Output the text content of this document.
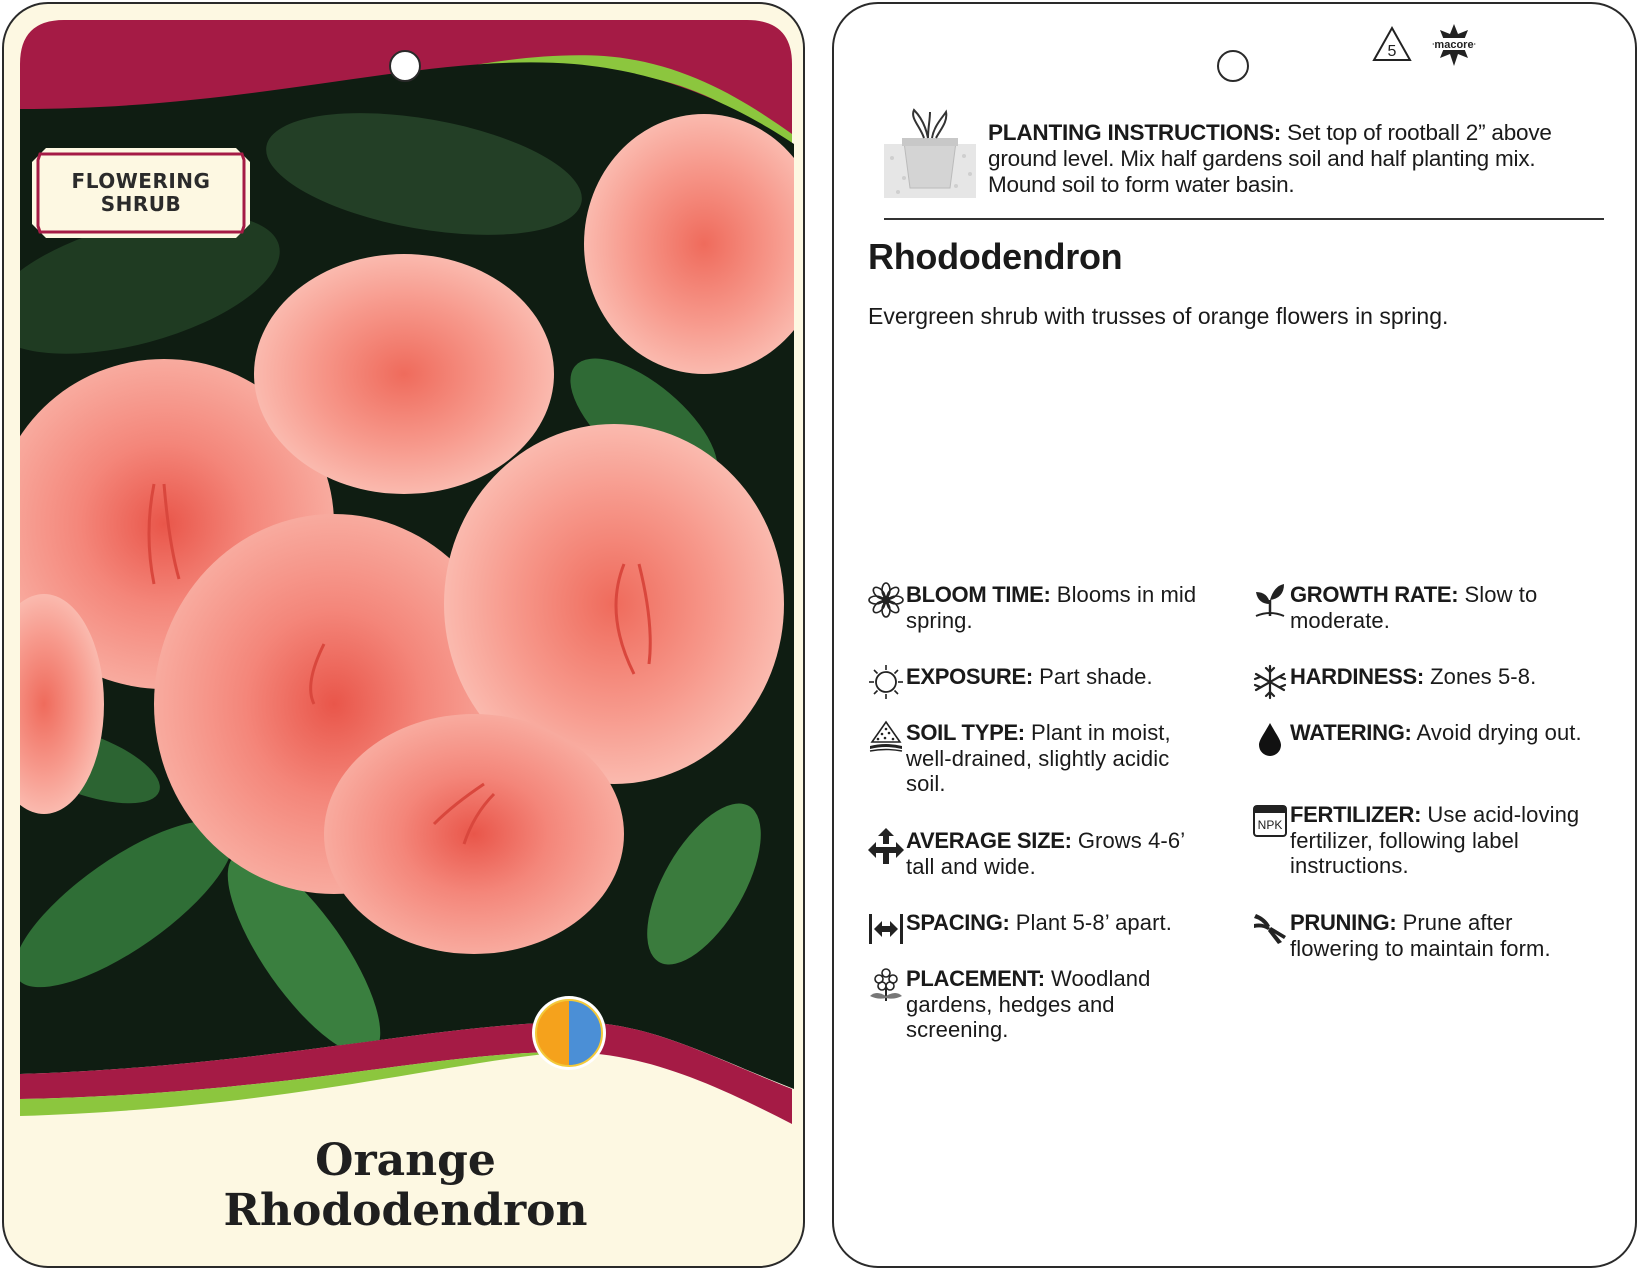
FLOWERING
SHRUB
Orange
Rhododendron
5	macore
PLANTING INSTRUCTIONS: Set top of rootball 2” above ground level. Mix half gardens soil and half planting mix. Mound soil to form water basin.
Rhododendron
Evergreen shrub with trusses of orange flowers in spring.
BLOOM TIME: Blooms in mid spring.
EXPOSURE: Part shade.
SOIL TYPE: Plant in moist, well-drained, slightly acidic soil.
AVERAGE SIZE: Grows 4-6’ tall and wide.
SPACING: Plant 5-8’ apart.
PLACEMENT: Woodland gardens, hedges and screening.
GROWTH RATE: Slow to moderate.
HARDINESS: Zones 5-8.
WATERING: Avoid drying out.
NPK FERTILIZER: Use acid-loving fertilizer, following label instructions.
PRUNING: Prune after flowering to maintain form.
